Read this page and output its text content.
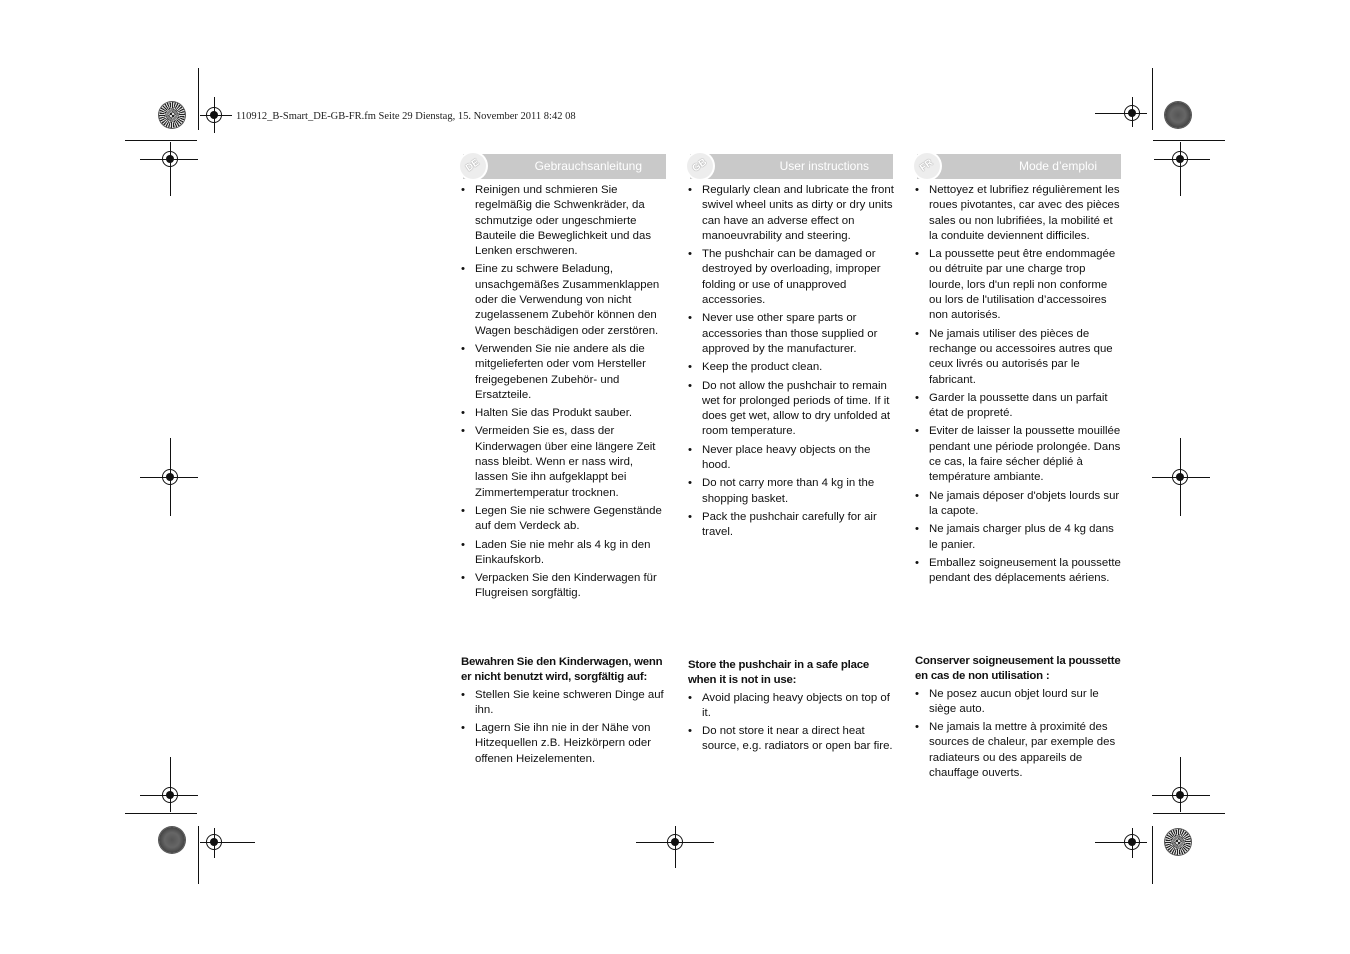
110912_B-Smart_DE-GB-FR.fm Seite 29 Dienstag, 15. November 2011 8:42 08
DE	Gebrauchsanleitung	GB	User instructions	FR	Mode d’emploi
• Reinigen und schmieren Sie regelmäßig die Schwenkräder, da schmutzige oder ungeschmierte Bauteile die Beweglichkeit und das Lenken erschweren.
• Eine zu schwere Beladung, unsachgemäßes Zusammenklappen oder die Verwendung von nicht zugelassenem Zubehör können den Wagen beschädigen oder zerstören.
• Verwenden Sie nie andere als die mitgelieferten oder vom Hersteller freigegebenen Zubehör- und Ersatzteile.
• Halten Sie das Produkt sauber.
• Vermeiden Sie es, dass der Kinderwagen über eine längere Zeit nass bleibt. Wenn er nass wird, lassen Sie ihn aufgeklappt bei Zimmertemperatur trocknen.
• Legen Sie nie schwere Gegenstände auf dem Verdeck ab.
• Laden Sie nie mehr als 4 kg in den Einkaufskorb.
• Verpacken Sie den Kinderwagen für Flugreisen sorgfältig.
Bewahren Sie den Kinderwagen, wenn er nicht benutzt wird, sorgfältig auf:
• Stellen Sie keine schweren Dinge auf ihn.
• Lagern Sie ihn nie in der Nähe von Hitzequellen z.B. Heizkörpern oder offenen Heizelementen.
• Regularly clean and lubricate the front swivel wheel units as dirty or dry units can have an adverse effect on manoeuvrability and steering.
• The pushchair can be damaged or destroyed by overloading, improper folding or use of unapproved accessories.
• Never use other spare parts or accessories than those supplied or approved by the manufacturer.
• Keep the product clean.
• Do not allow the pushchair to remain wet for prolonged periods of time. If it does get wet, allow to dry unfolded at room temperature.
• Never place heavy objects on the hood.
• Do not carry more than 4 kg in the shopping basket.
• Pack the pushchair carefully for air travel.
Store the pushchair in a safe place when it is not in use:
• Avoid placing heavy objects on top of it.
• Do not store it near a direct heat source, e.g. radiators or open bar fire.
• Nettoyez et lubrifiez régulièrement les roues pivotantes, car avec des pièces sales ou non lubrifiées, la mobilité et la conduite deviennent difficiles.
• La poussette peut être endommagée ou détruite par une charge trop lourde, lors d'un repli non conforme ou lors de l'utilisation d’accessoires non autorisés.
• Ne jamais utiliser des pièces de rechange ou accessoires autres que ceux livrés ou autorisés par le fabricant.
• Garder la poussette dans un parfait état de propreté.
• Eviter de laisser la poussette mouillée pendant une période prolongée. Dans ce cas, la faire sécher déplié à température ambiante.
• Ne jamais déposer d'objets lourds sur la capote.
• Ne jamais charger plus de 4 kg dans le panier.
• Emballez soigneusement la poussette pendant des déplacements aériens.
Conserver soigneusement la poussette en cas de non utilisation :
• Ne posez aucun objet lourd sur le siège auto.
• Ne jamais la mettre à proximité des sources de chaleur, par exemple des radiateurs ou des appareils de chauffage ouverts.
